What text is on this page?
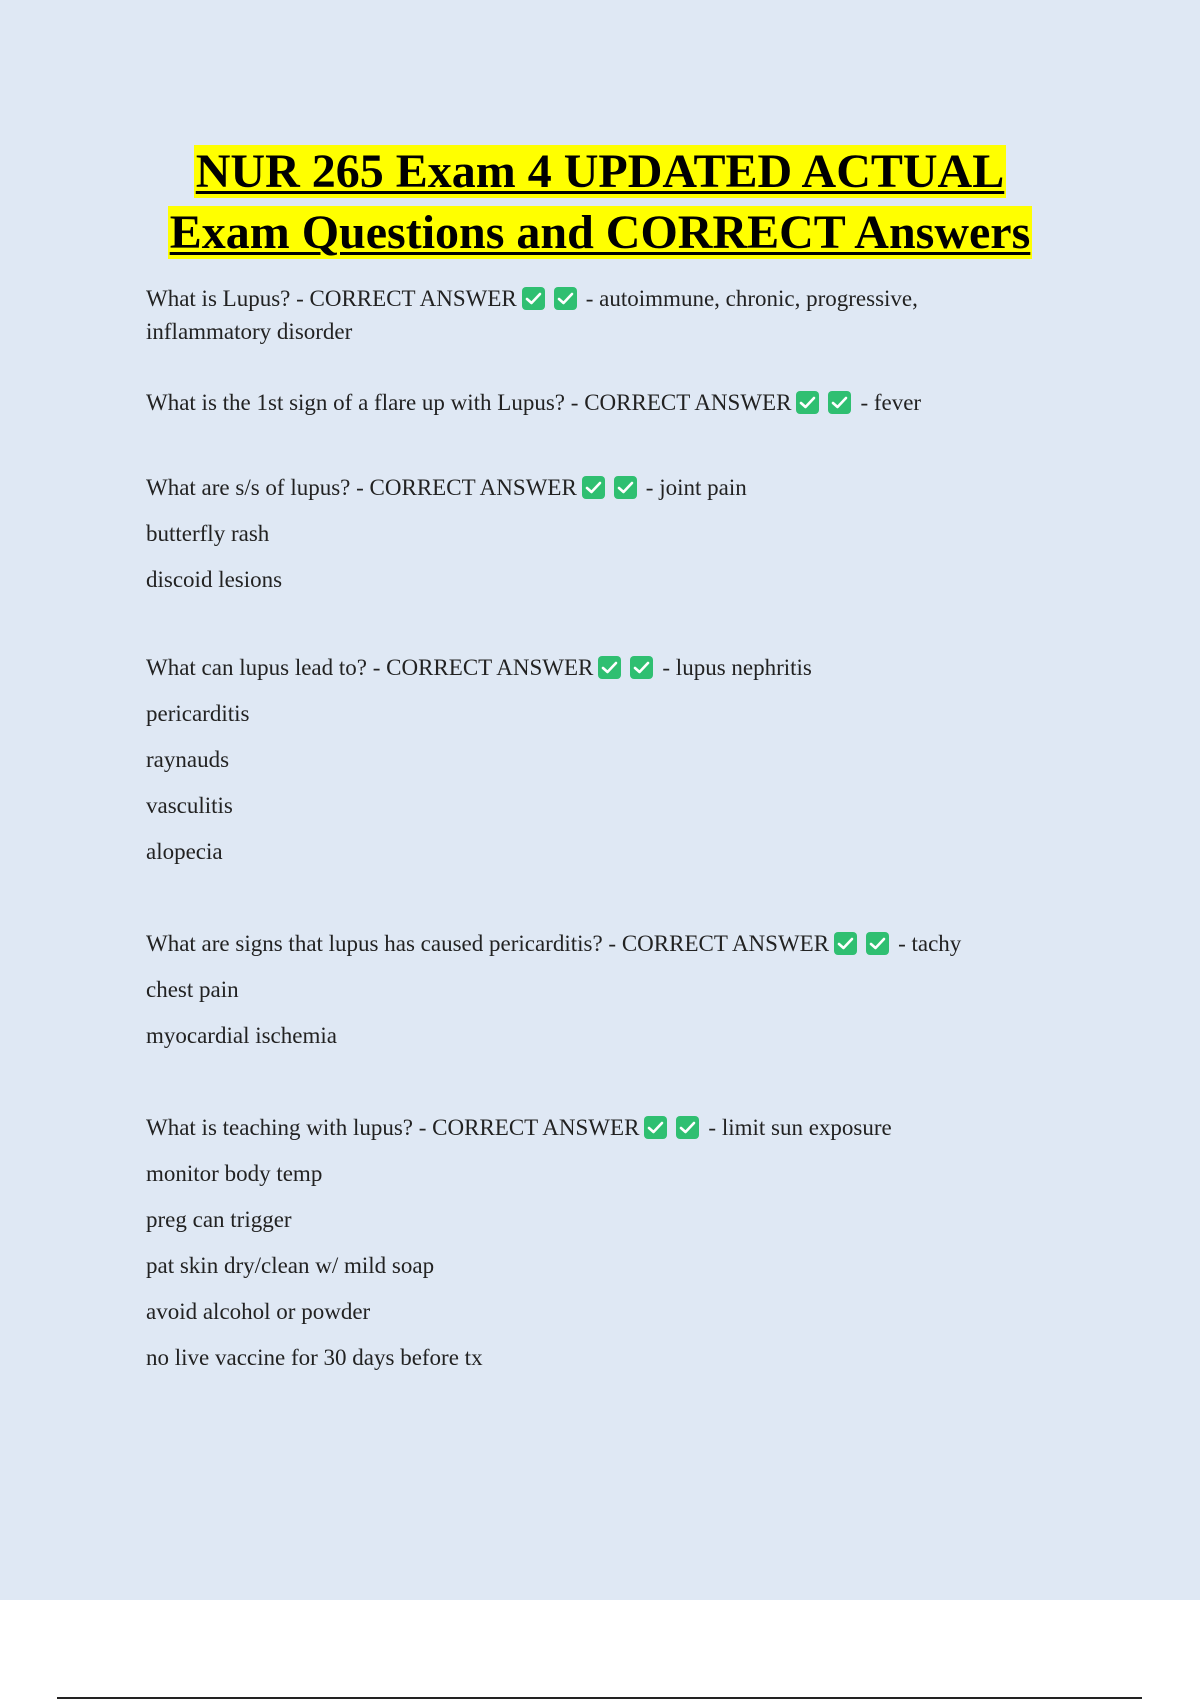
NUR 265 Exam 4 UPDATED ACTUAL
Exam Questions and CORRECT Answers
What is Lupus? - CORRECT ANSWER	- autoimmune, chronic, progressive, inflammatory disorder
What is the 1st sign of a flare up with Lupus? - CORRECT ANSWER	- fever
What are s/s of lupus? - CORRECT ANSWER	- joint pain
butterfly rash
discoid lesions
What can lupus lead to? - CORRECT ANSWER	- lupus nephritis
pericarditis
raynauds
vasculitis
alopecia
What are signs that lupus has caused pericarditis? - CORRECT ANSWER	- tachy
chest pain
myocardial ischemia
What is teaching with lupus? - CORRECT ANSWER	- limit sun exposure
monitor body temp
preg can trigger
pat skin dry/clean w/ mild soap
avoid alcohol or powder
no live vaccine for 30 days before tx
